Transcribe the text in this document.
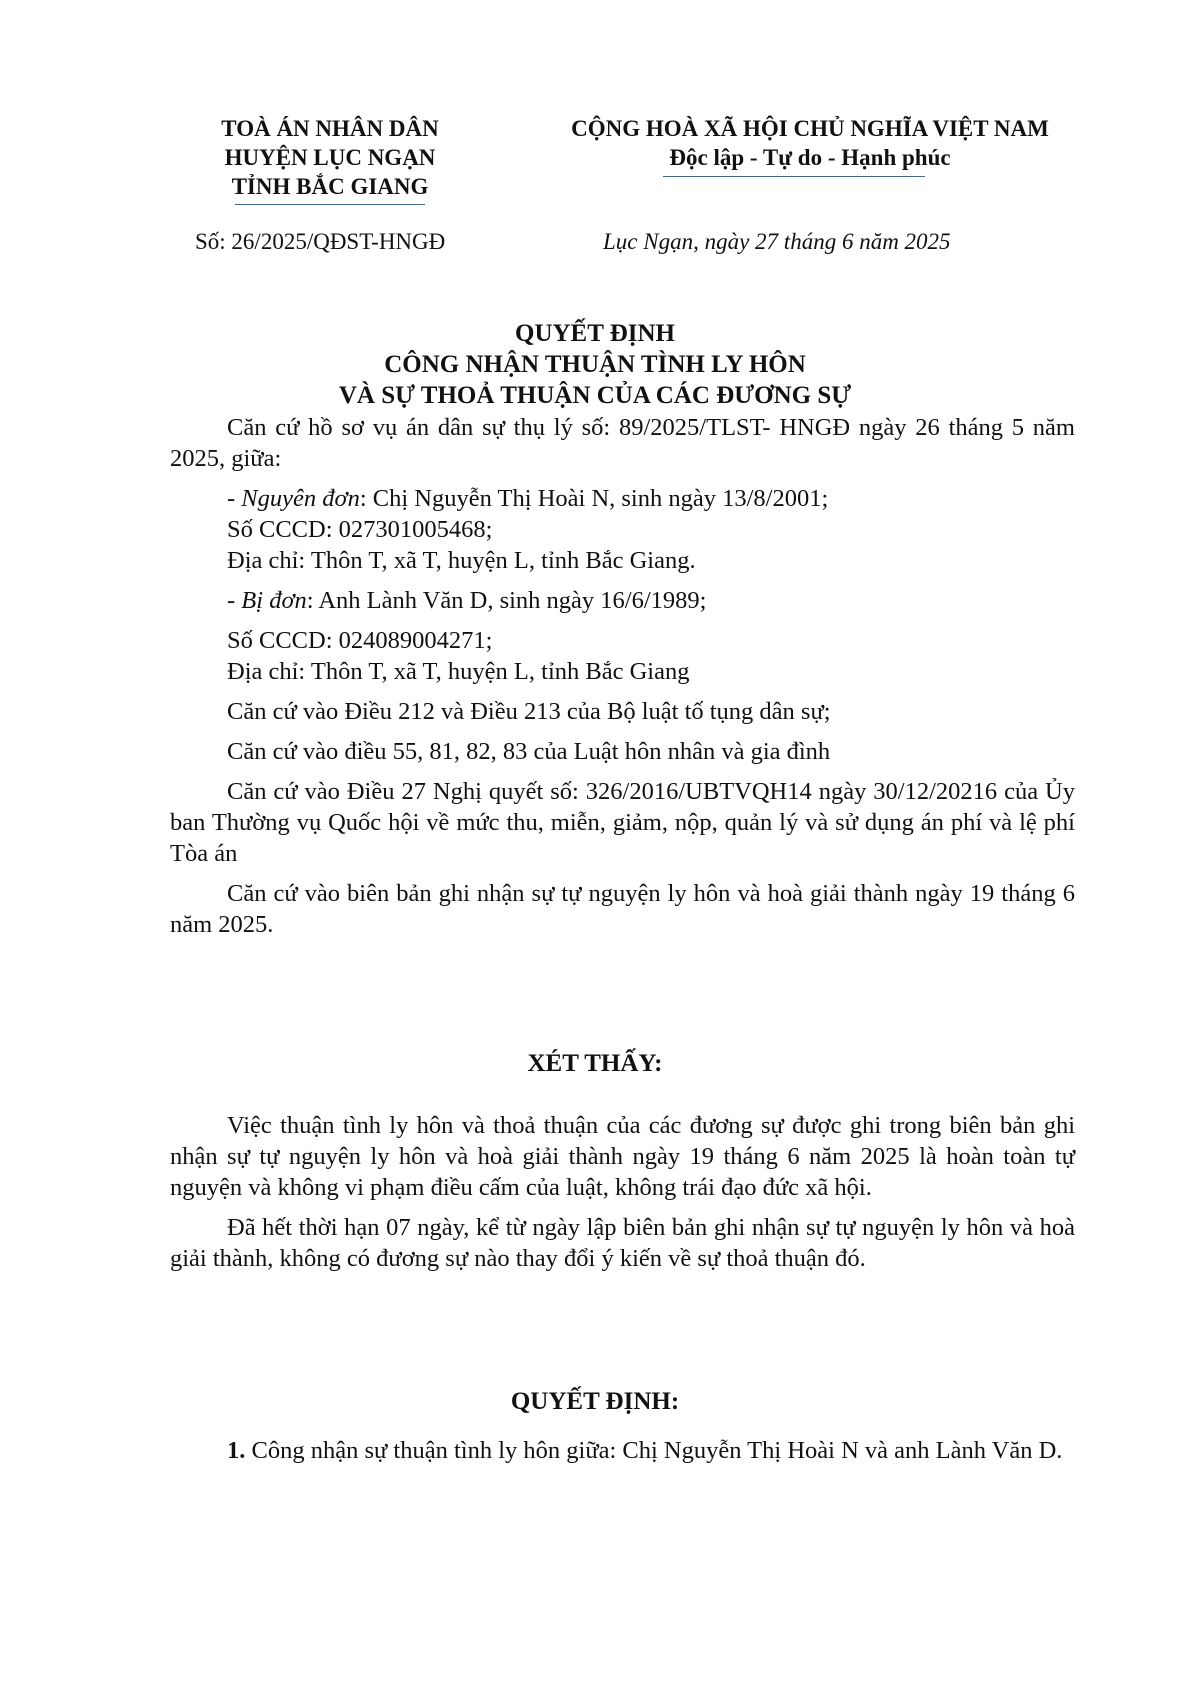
TOÀ ÁN NHÂN DÂN
HUYỆN LỤC NGẠN
TỈNH BẮC GIANG
CỘNG HOÀ XÃ HỘI CHỦ NGHĨA VIỆT NAM
Độc lập - Tự do - Hạnh phúc
Số: 26/2025/QĐST-HNGĐ	Lục Ngạn, ngày 27 tháng 6 năm 2025
QUYẾT ĐỊNH
CÔNG NHẬN THUẬN TÌNH LY HÔN
VÀ SỰ THOẢ THUẬN CỦA CÁC ĐƯƠNG SỰ

Căn cứ hồ sơ vụ án dân sự thụ lý số: 89/2025/TLST- HNGĐ ngày 26 tháng 5 năm 2025, giữa:

- Nguyên đơn: Chị Nguyễn Thị Hoài N, sinh ngày 13/8/2001;

Số CCCD: 027301005468;

Địa chỉ: Thôn T, xã T, huyện L, tỉnh Bắc Giang.

- Bị đơn: Anh Lành Văn D, sinh ngày 16/6/1989;

Số CCCD: 024089004271;

Địa chỉ: Thôn T, xã T, huyện L, tỉnh Bắc Giang

Căn cứ vào Điều 212 và Điều 213 của Bộ luật tố tụng dân sự;

Căn cứ vào điều 55, 81, 82, 83 của Luật hôn nhân và gia đình

Căn cứ vào Điều 27 Nghị quyết số: 326/2016/UBTVQH14 ngày 30/12/20216 của Ủy ban Thường vụ Quốc hội về mức thu, miễn, giảm, nộp, quản lý và sử dụng án phí và lệ phí Tòa án

Căn cứ vào biên bản ghi nhận sự tự nguyện ly hôn và hoà giải thành ngày 19 tháng 6 năm 2025.

XÉT THẤY:

Việc thuận tình ly hôn và thoả thuận của các đương sự được ghi trong biên bản ghi nhận sự tự nguyện ly hôn và hoà giải thành ngày 19 tháng 6 năm 2025 là hoàn toàn tự nguyện và không vi phạm điều cấm của luật, không trái đạo đức xã hội.

Đã hết thời hạn 07 ngày, kể từ ngày lập biên bản ghi nhận sự tự nguyện ly hôn và hoà giải thành, không có đương sự nào thay đổi ý kiến về sự thoả thuận đó.

QUYẾT ĐỊNH:

1. Công nhận sự thuận tình ly hôn giữa: Chị Nguyễn Thị Hoài N và anh Lành Văn D.
